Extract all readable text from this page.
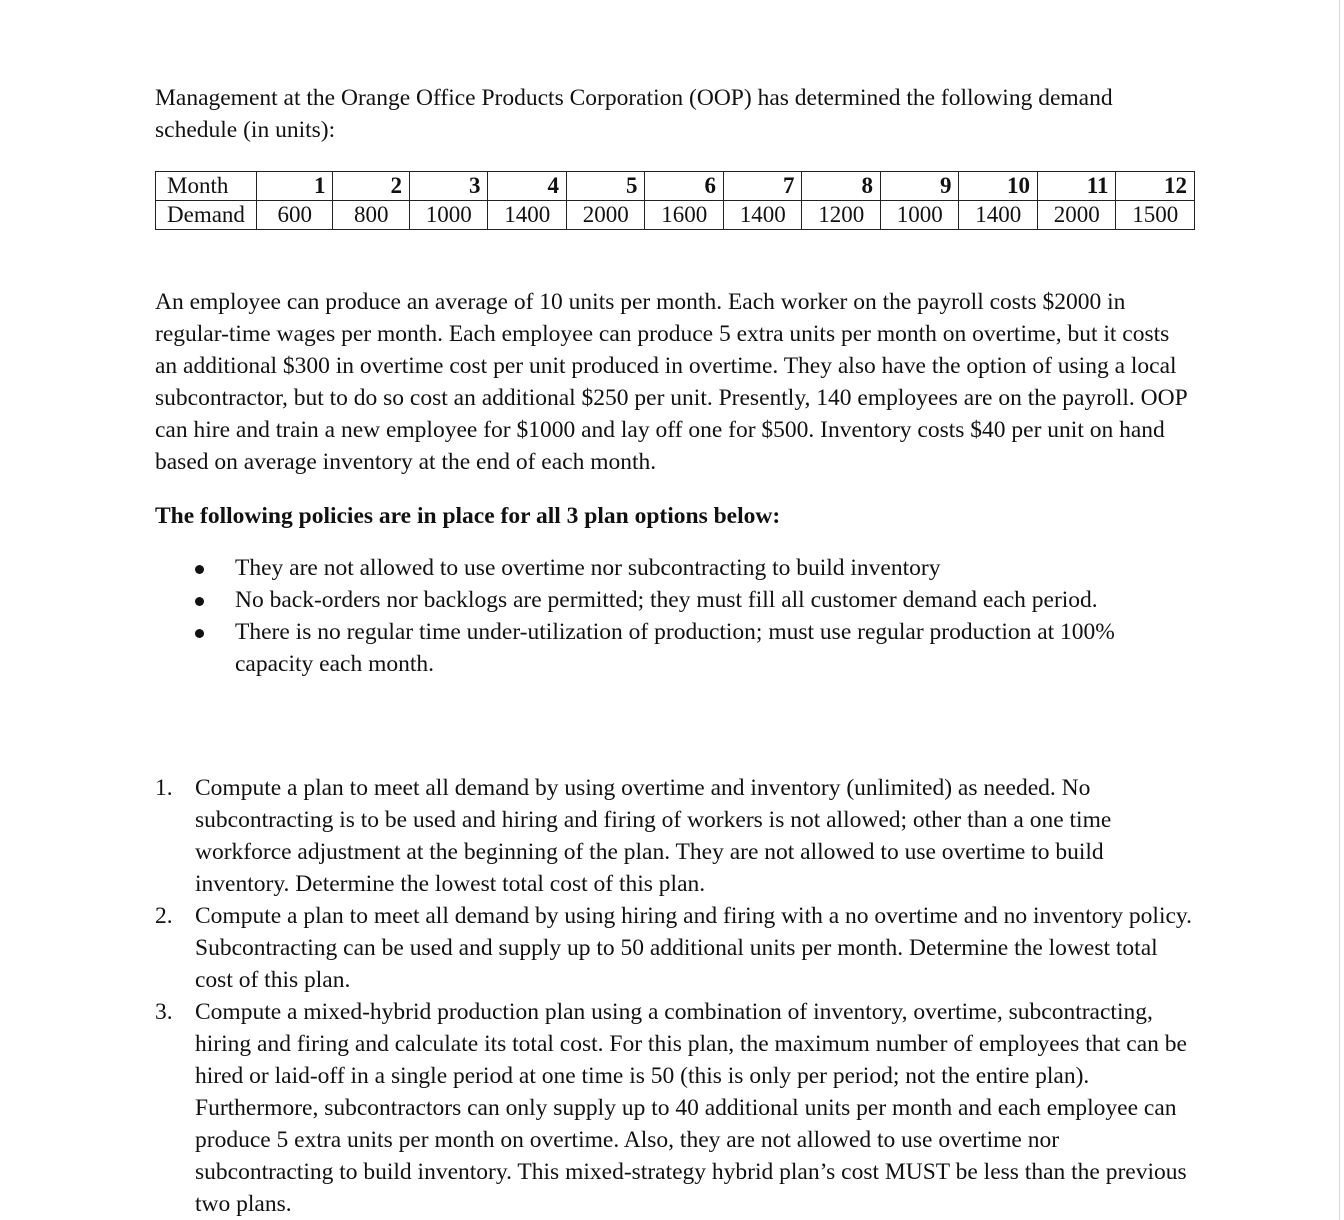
Management at the Orange Office Products Corporation (OOP) has determined the following demand schedule (in units):

Month	1	2	3	4	5	6	7	8	9	10	11	12
Demand	600	800	1000	1400	2000	1600	1400	1200	1000	1400	2000	1500

An employee can produce an average of 10 units per month. Each worker on the payroll costs $2000 in regular-time wages per month. Each employee can produce 5 extra units per month on overtime, but it costs an additional $300 in overtime cost per unit produced in overtime. They also have the option of using a local subcontractor, but to do so cost an additional $250 per unit. Presently, 140 employees are on the payroll. OOP can hire and train a new employee for $1000 and lay off one for $500. Inventory costs $40 per unit on hand based on average inventory at the end of each month.

The following policies are in place for all 3 plan options below:

They are not allowed to use overtime nor subcontracting to build inventory
No back-orders nor backlogs are permitted; they must fill all customer demand each period.
There is no regular time under-utilization of production; must use regular production at 100% capacity each month.
1. Compute a plan to meet all demand by using overtime and inventory (unlimited) as needed. No subcontracting is to be used and hiring and firing of workers is not allowed; other than a one time workforce adjustment at the beginning of the plan. They are not allowed to use overtime to build inventory. Determine the lowest total cost of this plan.
2. Compute a plan to meet all demand by using hiring and firing with a no overtime and no inventory policy. Subcontracting can be used and supply up to 50 additional units per month. Determine the lowest total cost of this plan.
3. Compute a mixed-hybrid production plan using a combination of inventory, overtime, subcontracting, hiring and firing and calculate its total cost. For this plan, the maximum number of employees that can be hired or laid-off in a single period at one time is 50 (this is only per period; not the entire plan). Furthermore, subcontractors can only supply up to 40 additional units per month and each employee can produce 5 extra units per month on overtime. Also, they are not allowed to use overtime nor subcontracting to build inventory. This mixed-strategy hybrid plan’s cost MUST be less than the previous two plans.
